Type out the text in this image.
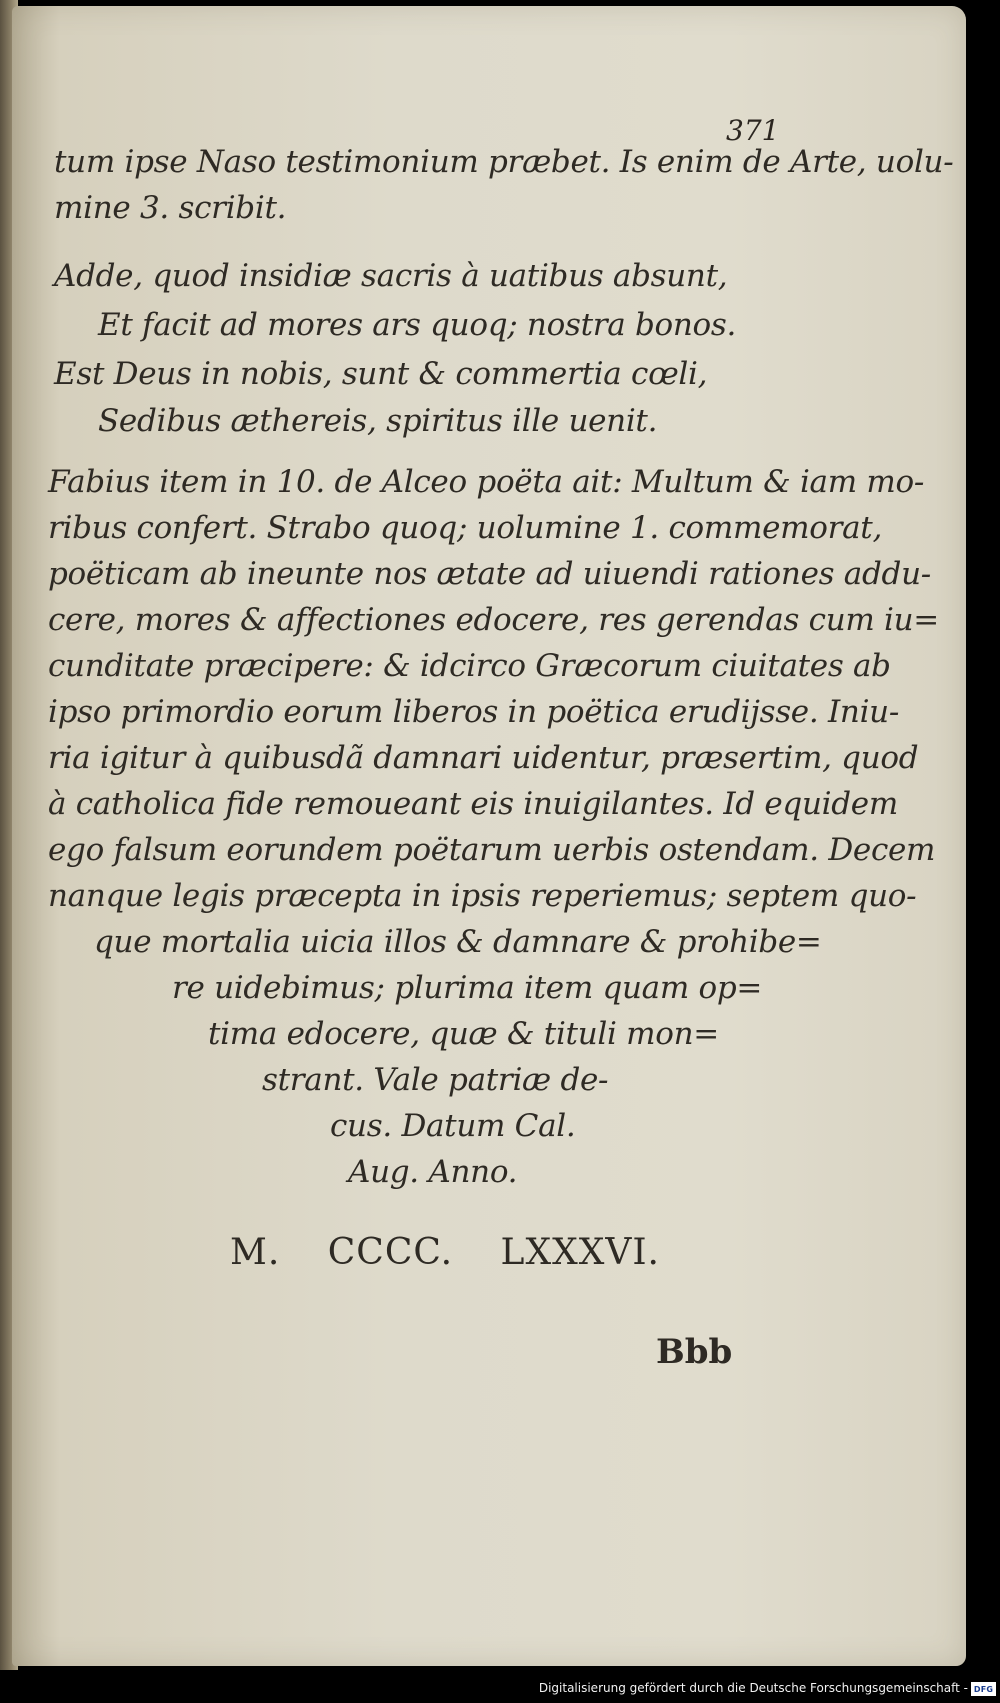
371
tum ipse Naso testimonium præbet. Is enim de Arte, uolu-
mine 3. scribit.
Adde, quod insidiæ sacris à uatibus absunt,
Et facit ad mores ars quoq; nostra bonos.
Est Deus in nobis, sunt & commertia cœli,
Sedibus æthereis, spiritus ille uenit.
Fabius item in 10. de Alceo poëta ait: Multum & iam mo-
ribus confert. Strabo quoq; uolumine 1. commemorat,
poëticam ab ineunte nos ætate ad uiuendi rationes addu-
cere, mores & affectiones edocere, res gerendas cum iu=
cunditate præcipere: & idcirco Græcorum ciuitates ab
ipso primordio eorum liberos in poëtica erudijsse. Iniu-
ria igitur à quibusdã damnari uidentur, præsertim, quod
à catholica fide remoueant eis inuigilantes. Id equidem
ego falsum eorundem poëtarum uerbis ostendam. Decem
nanque legis præcepta in ipsis reperiemus; septem quo-
que mortalia uicia illos & damnare & prohibe=
re uidebimus; plurima item quam op=
tima edocere, quæ & tituli mon=
strant. Vale patriæ de-
cus. Datum Cal.
Aug. Anno.
M. CCCC. LXXXVI.
Bbb
Digitalisierung gefördert durch die Deutsche Forschungsgemeinschaft - DFG
